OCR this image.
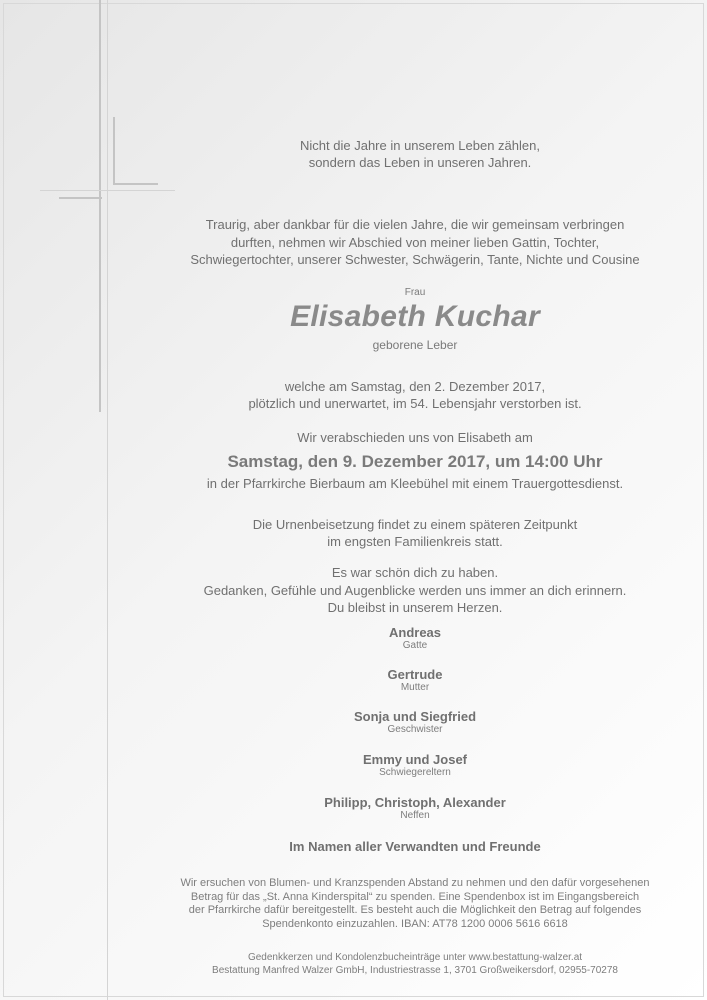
Nicht die Jahre in unserem Leben zählen,
sondern das Leben in unseren Jahren.
Traurig, aber dankbar für die vielen Jahre, die wir gemeinsam verbringen
durften, nehmen wir Abschied von meiner lieben Gattin, Tochter,
Schwiegertochter, unserer Schwester, Schwägerin, Tante, Nichte und Cousine
Frau
Elisabeth Kuchar
geborene Leber
welche am Samstag, den 2. Dezember 2017,
plötzlich und unerwartet, im 54. Lebensjahr verstorben ist.
Wir verabschieden uns von Elisabeth am
Samstag, den 9. Dezember 2017, um 14:00 Uhr
in der Pfarrkirche Bierbaum am Kleebühel mit einem Trauergottesdienst.
Die Urnenbeisetzung findet zu einem späteren Zeitpunkt
im engsten Familienkreis statt.
Es war schön dich zu haben.
Gedanken, Gefühle und Augenblicke werden uns immer an dich erinnern.
Du bleibst in unserem Herzen.
Andreas
Gatte
Gertrude
Mutter
Sonja und Siegfried
Geschwister
Emmy und Josef
Schwiegereltern
Philipp, Christoph, Alexander
Neffen
Im Namen aller Verwandten und Freunde
Wir ersuchen von Blumen- und Kranzspenden Abstand zu nehmen und den dafür vorgesehenen
Betrag für das „St. Anna Kinderspital“ zu spenden. Eine Spendenbox ist im Eingangsbereich
der Pfarrkirche dafür bereitgestellt. Es besteht auch die Möglichkeit den Betrag auf folgendes
Spendenkonto einzuzahlen. IBAN: AT78 1200 0006 5616 6618
Gedenkkerzen und Kondolenzbucheinträge unter www.bestattung-walzer.at
Bestattung Manfred Walzer GmbH, Industriestrasse 1, 3701 Großweikersdorf, 02955-70278
